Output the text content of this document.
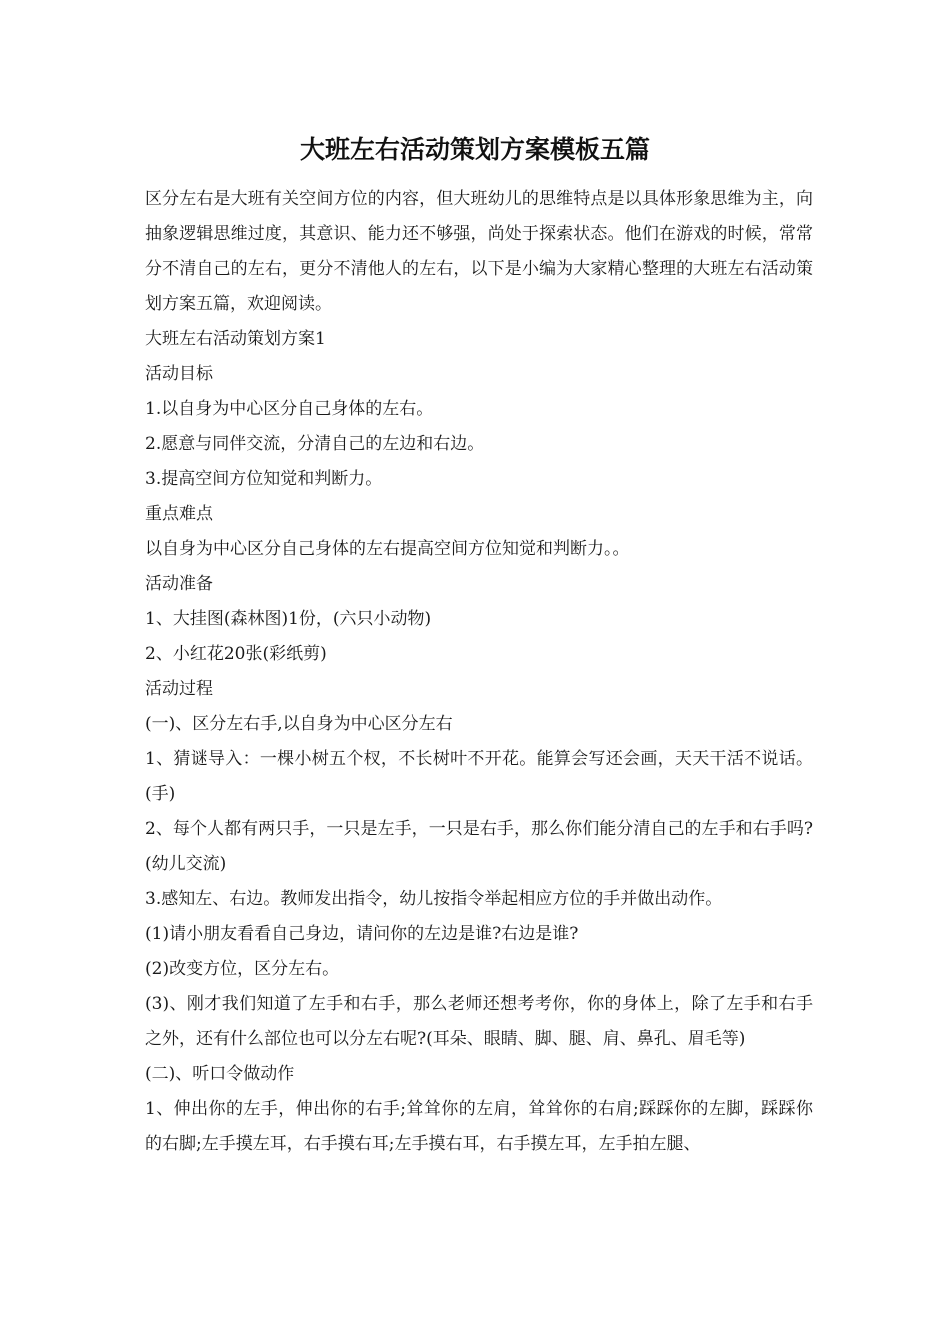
大班左右活动策划方案模板五篇

区分左右是大班有关空间方位的内容，但大班幼儿的思维特点是以具体形象思维为主，向抽象逻辑思维过度，其意识、能力还不够强，尚处于探索状态。他们在游戏的时候，常常分不清自己的左右，更分不清他人的左右，以下是小编为大家精心整理的大班左右活动策划方案五篇，欢迎阅读。

大班左右活动策划方案1

活动目标

1.以自身为中心区分自己身体的左右。

2.愿意与同伴交流，分清自己的左边和右边。

3.提高空间方位知觉和判断力。

重点难点

以自身为中心区分自己身体的左右提高空间方位知觉和判断力。。

活动准备

1、大挂图(森林图)1份，(六只小动物)

2、小红花20张(彩纸剪)

活动过程

(一)、区分左右手,以自身为中心区分左右

1、猜谜导入：一棵小树五个杈，不长树叶不开花。能算会写还会画，天天干活不说话。(手)

2、每个人都有两只手，一只是左手，一只是右手，那么你们能分清自己的左手和右手吗?(幼儿交流)

3.感知左、右边。教师发出指令，幼儿按指令举起相应方位的手并做出动作。

(1)请小朋友看看自己身边，请问你的左边是谁?右边是谁?

(2)改变方位，区分左右。

(3)、刚才我们知道了左手和右手，那么老师还想考考你，你的身体上，除了左手和右手之外，还有什么部位也可以分左右呢?(耳朵、眼睛、脚、腿、肩、鼻孔、眉毛等)

(二)、听口令做动作

1、伸出你的左手，伸出你的右手;耸耸你的左肩，耸耸你的右肩;踩踩你的左脚，踩踩你的右脚;左手摸左耳，右手摸右耳;左手摸右耳，右手摸左耳，左手拍左腿、
